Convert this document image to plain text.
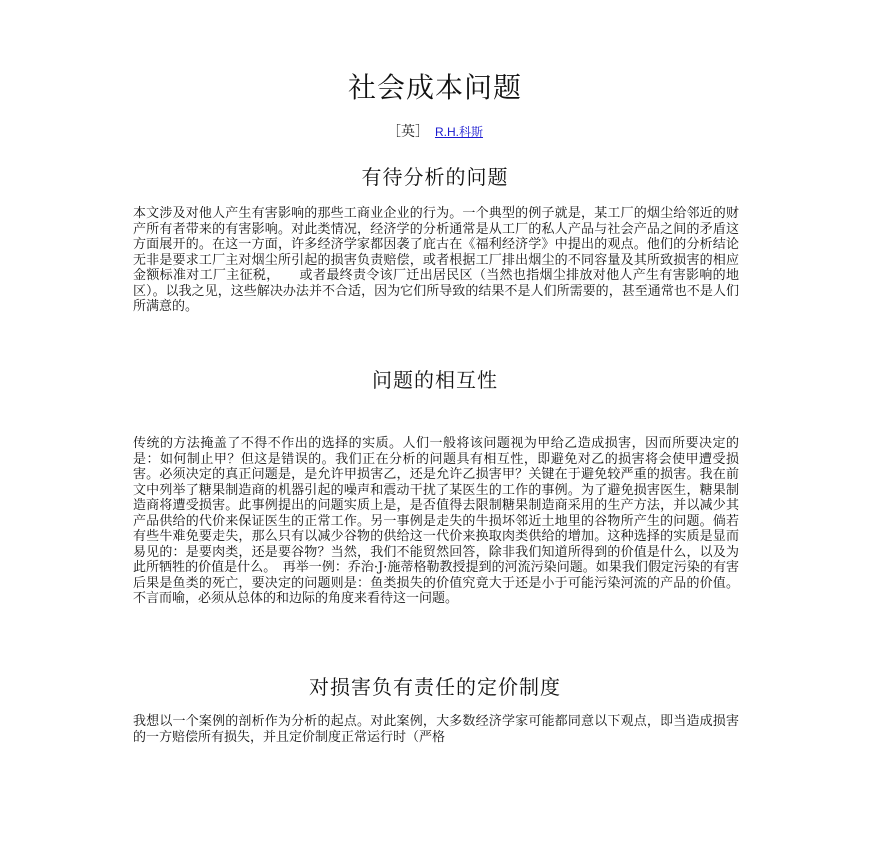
社会成本问题
［英］ R.H.科斯
有待分析的问题

本文涉及对他人产生有害影响的那些工商业企业的行为。一个典型的例子就是，某工厂的烟尘给邻近的财产所有者带来的有害影响。对此类情况，经济学的分析通常是从工厂的私人产品与社会产品之间的矛盾这方面展开的。在这一方面，许多经济学家都因袭了庇古在《福利经济学》中提出的观点。他们的分析结论无非是要求工厂主对烟尘所引起的损害负责赔偿，或者根据工厂排出烟尘的不同容量及其所致损害的相应金额标准对工厂主征税，　　或者最终责令该厂迁出居民区（当然也指烟尘排放对他人产生有害影响的地区）。以我之见，这些解决办法并不合适，因为它们所导致的结果不是人们所需要的，甚至通常也不是人们所满意的。

问题的相互性

传统的方法掩盖了不得不作出的选择的实质。人们一般将该问题视为甲给乙造成损害，因而所要决定的是：如何制止甲？但这是错误的。我们正在分析的问题具有相互性，即避免对乙的损害将会使甲遭受损害。必须决定的真正问题是，是允许甲损害乙，还是允许乙损害甲？关键在于避免较严重的损害。我在前文中列举了糖果制造商的机器引起的噪声和震动干扰了某医生的工作的事例。为了避免损害医生，糖果制造商将遭受损害。此事例提出的问题实质上是，是否值得去限制糖果制造商采用的生产方法，并以减少其产品供给的代价来保证医生的正常工作。另一事例是走失的牛损坏邻近土地里的谷物所产生的问题。倘若有些牛难免要走失，那么只有以减少谷物的供给这一代价来换取肉类供给的增加。这种选择的实质是显而易见的：是要肉类，还是要谷物？当然，我们不能贸然回答，除非我们知道所得到的价值是什么，以及为此所牺牲的价值是什么。　再举一例：乔治·J·施蒂格勒教授提到的河流污染问题。如果我们假定污染的有害后果是鱼类的死亡，要决定的问题则是：鱼类损失的价值究竟大于还是小于可能污染河流的产品的价值。不言而喻，必须从总体的和边际的角度来看待这一问题。

对损害负有责任的定价制度

我想以一个案例的剖析作为分析的起点。对此案例，大多数经济学家可能都同意以下观点，即当造成损害的一方赔偿所有损失，并且定价制度正常运行时（严格
